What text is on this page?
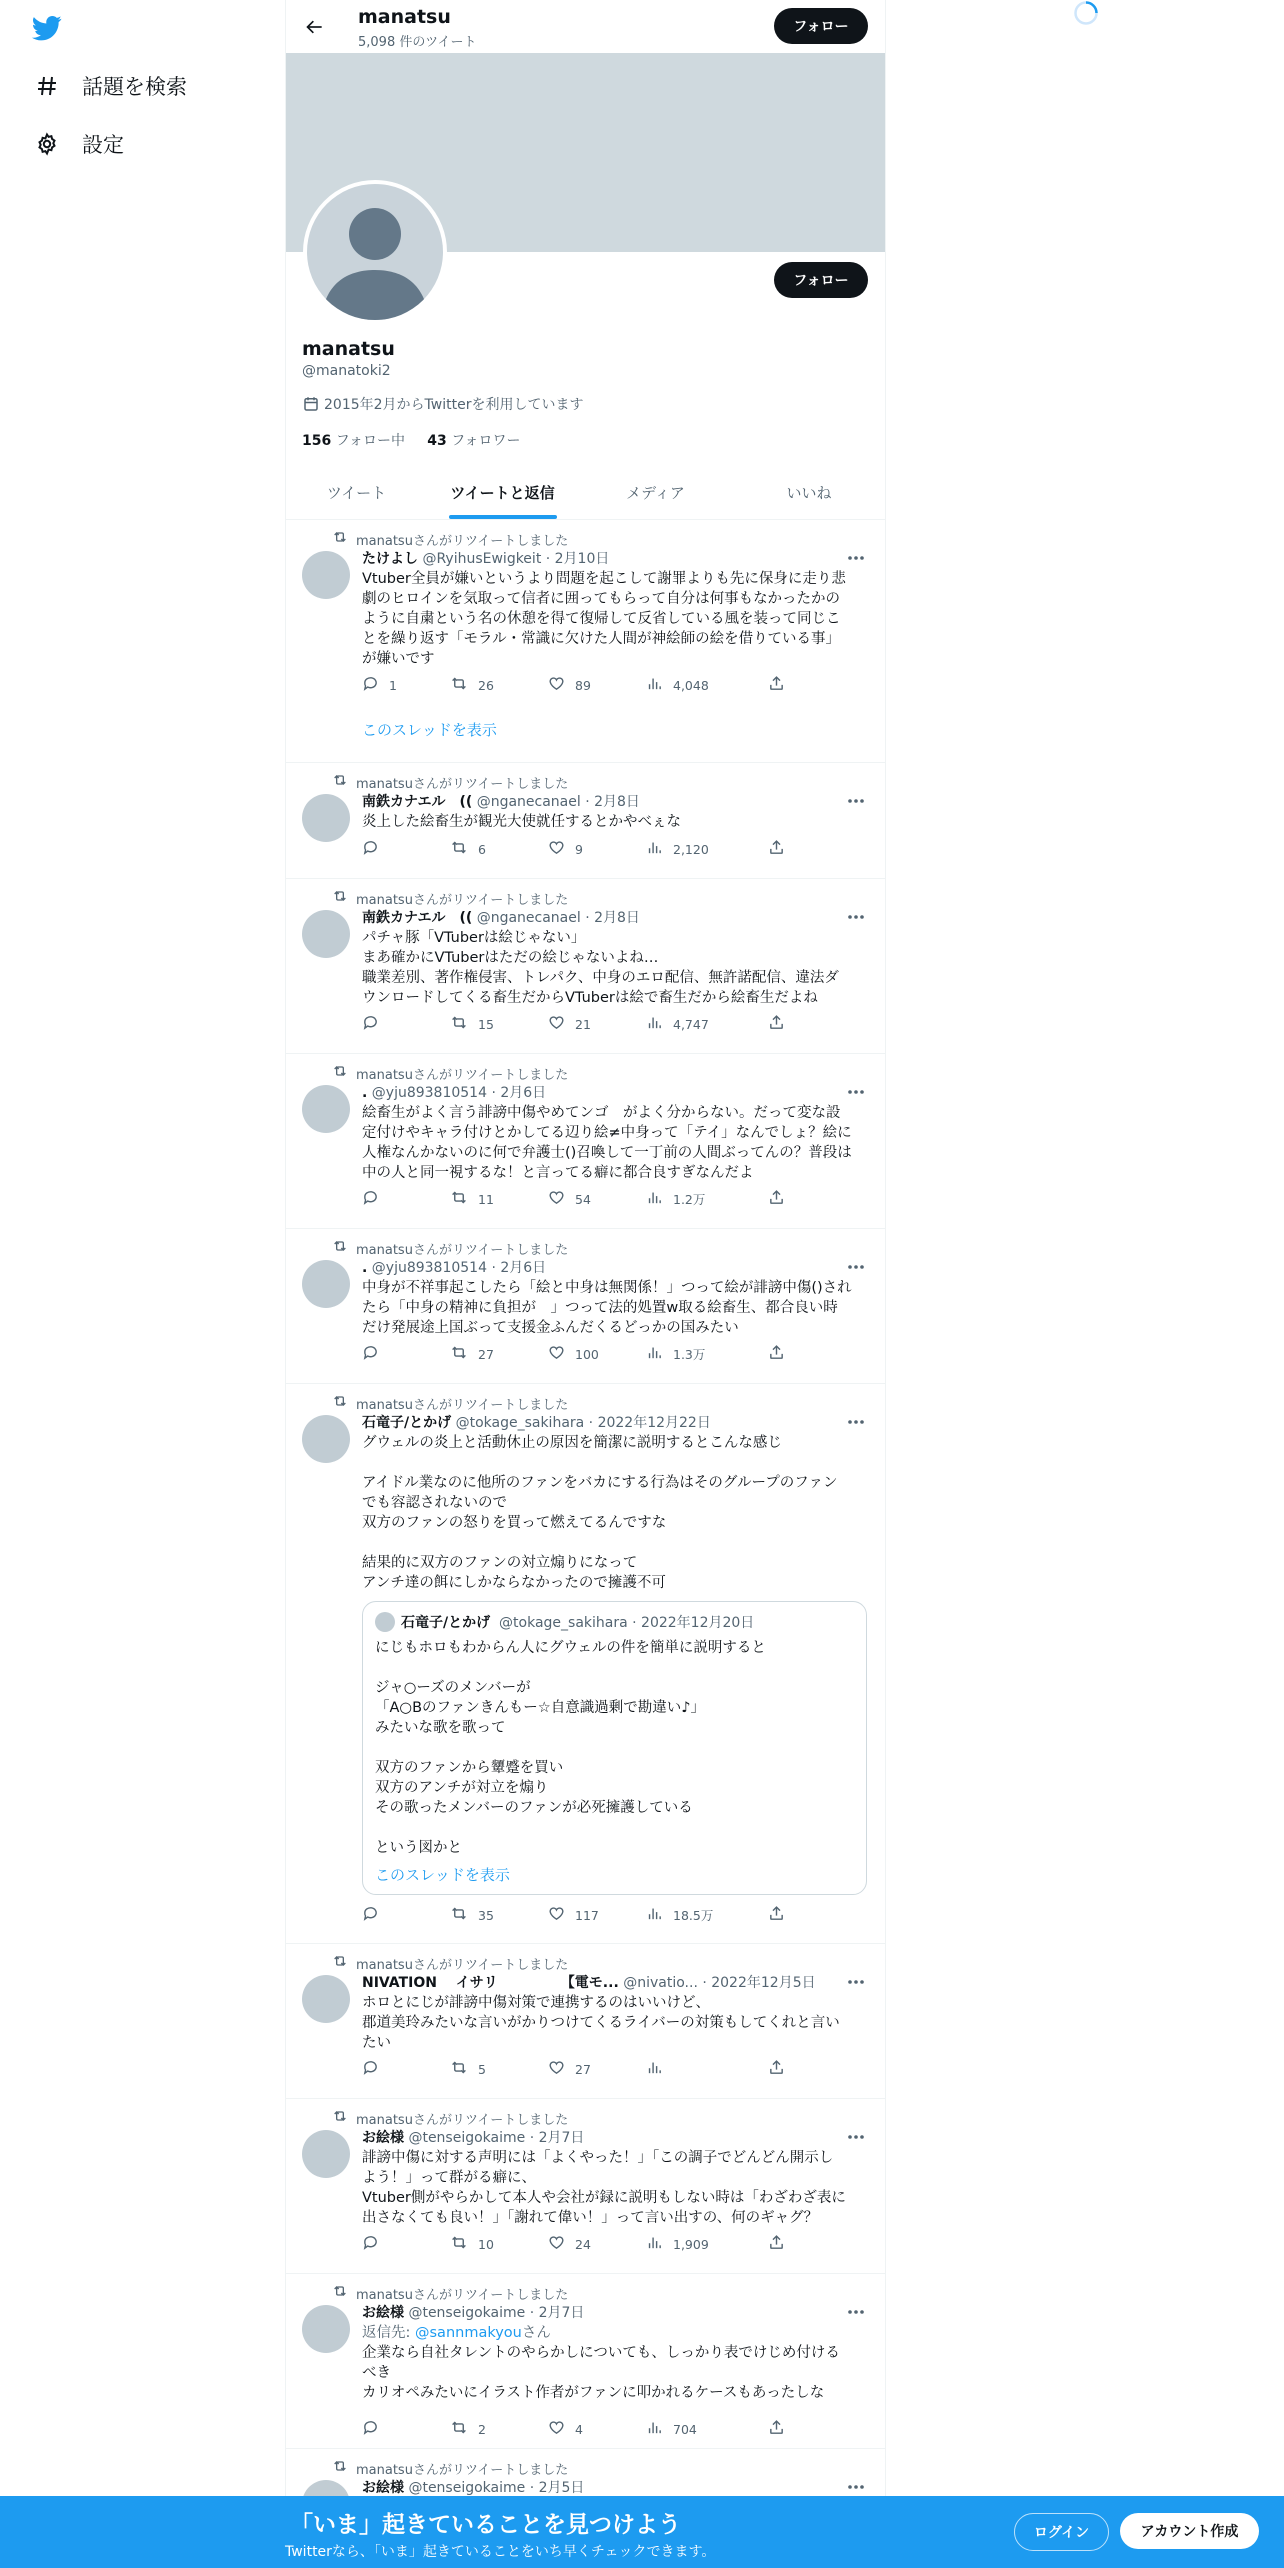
話題を検索
設定
manatsu
5,098 件のツイート
フォロー
フォロー
manatsu
@manatoki2
2015年2月からTwitterを利用しています
156 フォロー中 43 フォロワー
ツイート	ツイートと返信	メディア	いいね
manatsuさんがリツイートしました
たけよし @RyihusEwigkeit · 2月10日
Vtuber全員が嫌いというより問題を起こして謝罪よりも先に保身に走り悲
劇のヒロインを気取って信者に囲ってもらって自分は何事もなかったかの
ように自粛という名の休憩を得て復帰して反省している風を装って同じこ
とを繰り返す「モラル・常識に欠けた人間が神絵師の絵を借りている事」
が嫌いです
1	26	89	4,048
このスレッドを表示
manatsuさんがリツイートしました
南鉄カナエル　(( @nganecanael · 2月8日
炎上した絵畜生が観光大使就任するとかやべぇな
6	9	2,120
manatsuさんがリツイートしました
南鉄カナエル　(( @nganecanael · 2月8日
パチャ豚「VTuberは絵じゃない」
まあ確かにVTuberはただの絵じゃないよね…
職業差別、著作権侵害、トレパク、中身のエロ配信、無許諾配信、違法ダ
ウンロードしてくる畜生だからVTuberは絵で畜生だから絵畜生だよね
15	21	4,747
manatsuさんがリツイートしました
. @yju893810514 · 2月6日
絵畜生がよく言う誹謗中傷やめてンゴ　がよく分からない。だって変な設
定付けやキャラ付けとかしてる辺り絵≠中身って「テイ」なんでしょ？絵に
人権なんかないのに何で弁護士()召喚して一丁前の人間ぶってんの？普段は
中の人と同一視するな！と言ってる癖に都合良すぎなんだよ
11	54	1.2万
manatsuさんがリツイートしました
. @yju893810514 · 2月6日
中身が不祥事起こしたら「絵と中身は無関係！」つって絵が誹謗中傷()され
たら「中身の精神に負担が　」つって法的処置w取る絵畜生、都合良い時
だけ発展途上国ぶって支援金ふんだくるどっかの国みたい
27	100	1.3万
manatsuさんがリツイートしました
石竜子/とかげ @tokage_sakihara · 2022年12月22日
グウェルの炎上と活動休止の原因を簡潔に説明するとこんな感じ

アイドル業なのに他所のファンをバカにする行為はそのグループのファン
でも容認されないので
双方のファンの怒りを買って燃えてるんですな

結果的に双方のファンの対立煽りになって
アンチ達の餌にしかならなかったので擁護不可
石竜子/とかげ
@tokage_sakihara · 2022年12月20日
にじもホロもわからん人にグウェルの件を簡単に説明すると

ジャ○ーズのメンバーが
「A○Bのファンきんもー☆自意識過剰で勘違い♪」
みたいな歌を歌って

双方のファンから顰蹙を買い
双方のアンチが対立を煽り
その歌ったメンバーのファンが必死擁護している

という図かと
このスレッドを表示
35	117	18.5万
manatsuさんがリツイートしました
NIVATION　 イサリ　　　　　【電モ... @nivatio... · 2022年12月5日
ホロとにじが誹謗中傷対策で連携するのはいいけど、
郡道美玲みたいな言いがかりつけてくるライバーの対策もしてくれと言い
たい
5	27
manatsuさんがリツイートしました
お絵様 @tenseigokaime · 2月7日
誹謗中傷に対する声明には「よくやった！」「この調子でどんどん開示し
よう！」って群がる癖に、
Vtuber側がやらかして本人や会社が録に説明もしない時は「わざわざ表に
出さなくても良い！」「謝れて偉い！」って言い出すの、何のギャグ？
10	24	1,909
manatsuさんがリツイートしました
お絵様 @tenseigokaime · 2月7日
返信先: @sannmakyouさん
企業なら自社タレントのやらかしについても、しっかり表でけじめ付ける
べき
カリオペみたいにイラスト作者がファンに叩かれるケースもあったしな
2	4	704
manatsuさんがリツイートしました
お絵様 @tenseigokaime · 2月5日
「いま」起きていることを見つけよう
Twitterなら、「いま」起きていることをいち早くチェックできます。
ログイン	アカウント作成
